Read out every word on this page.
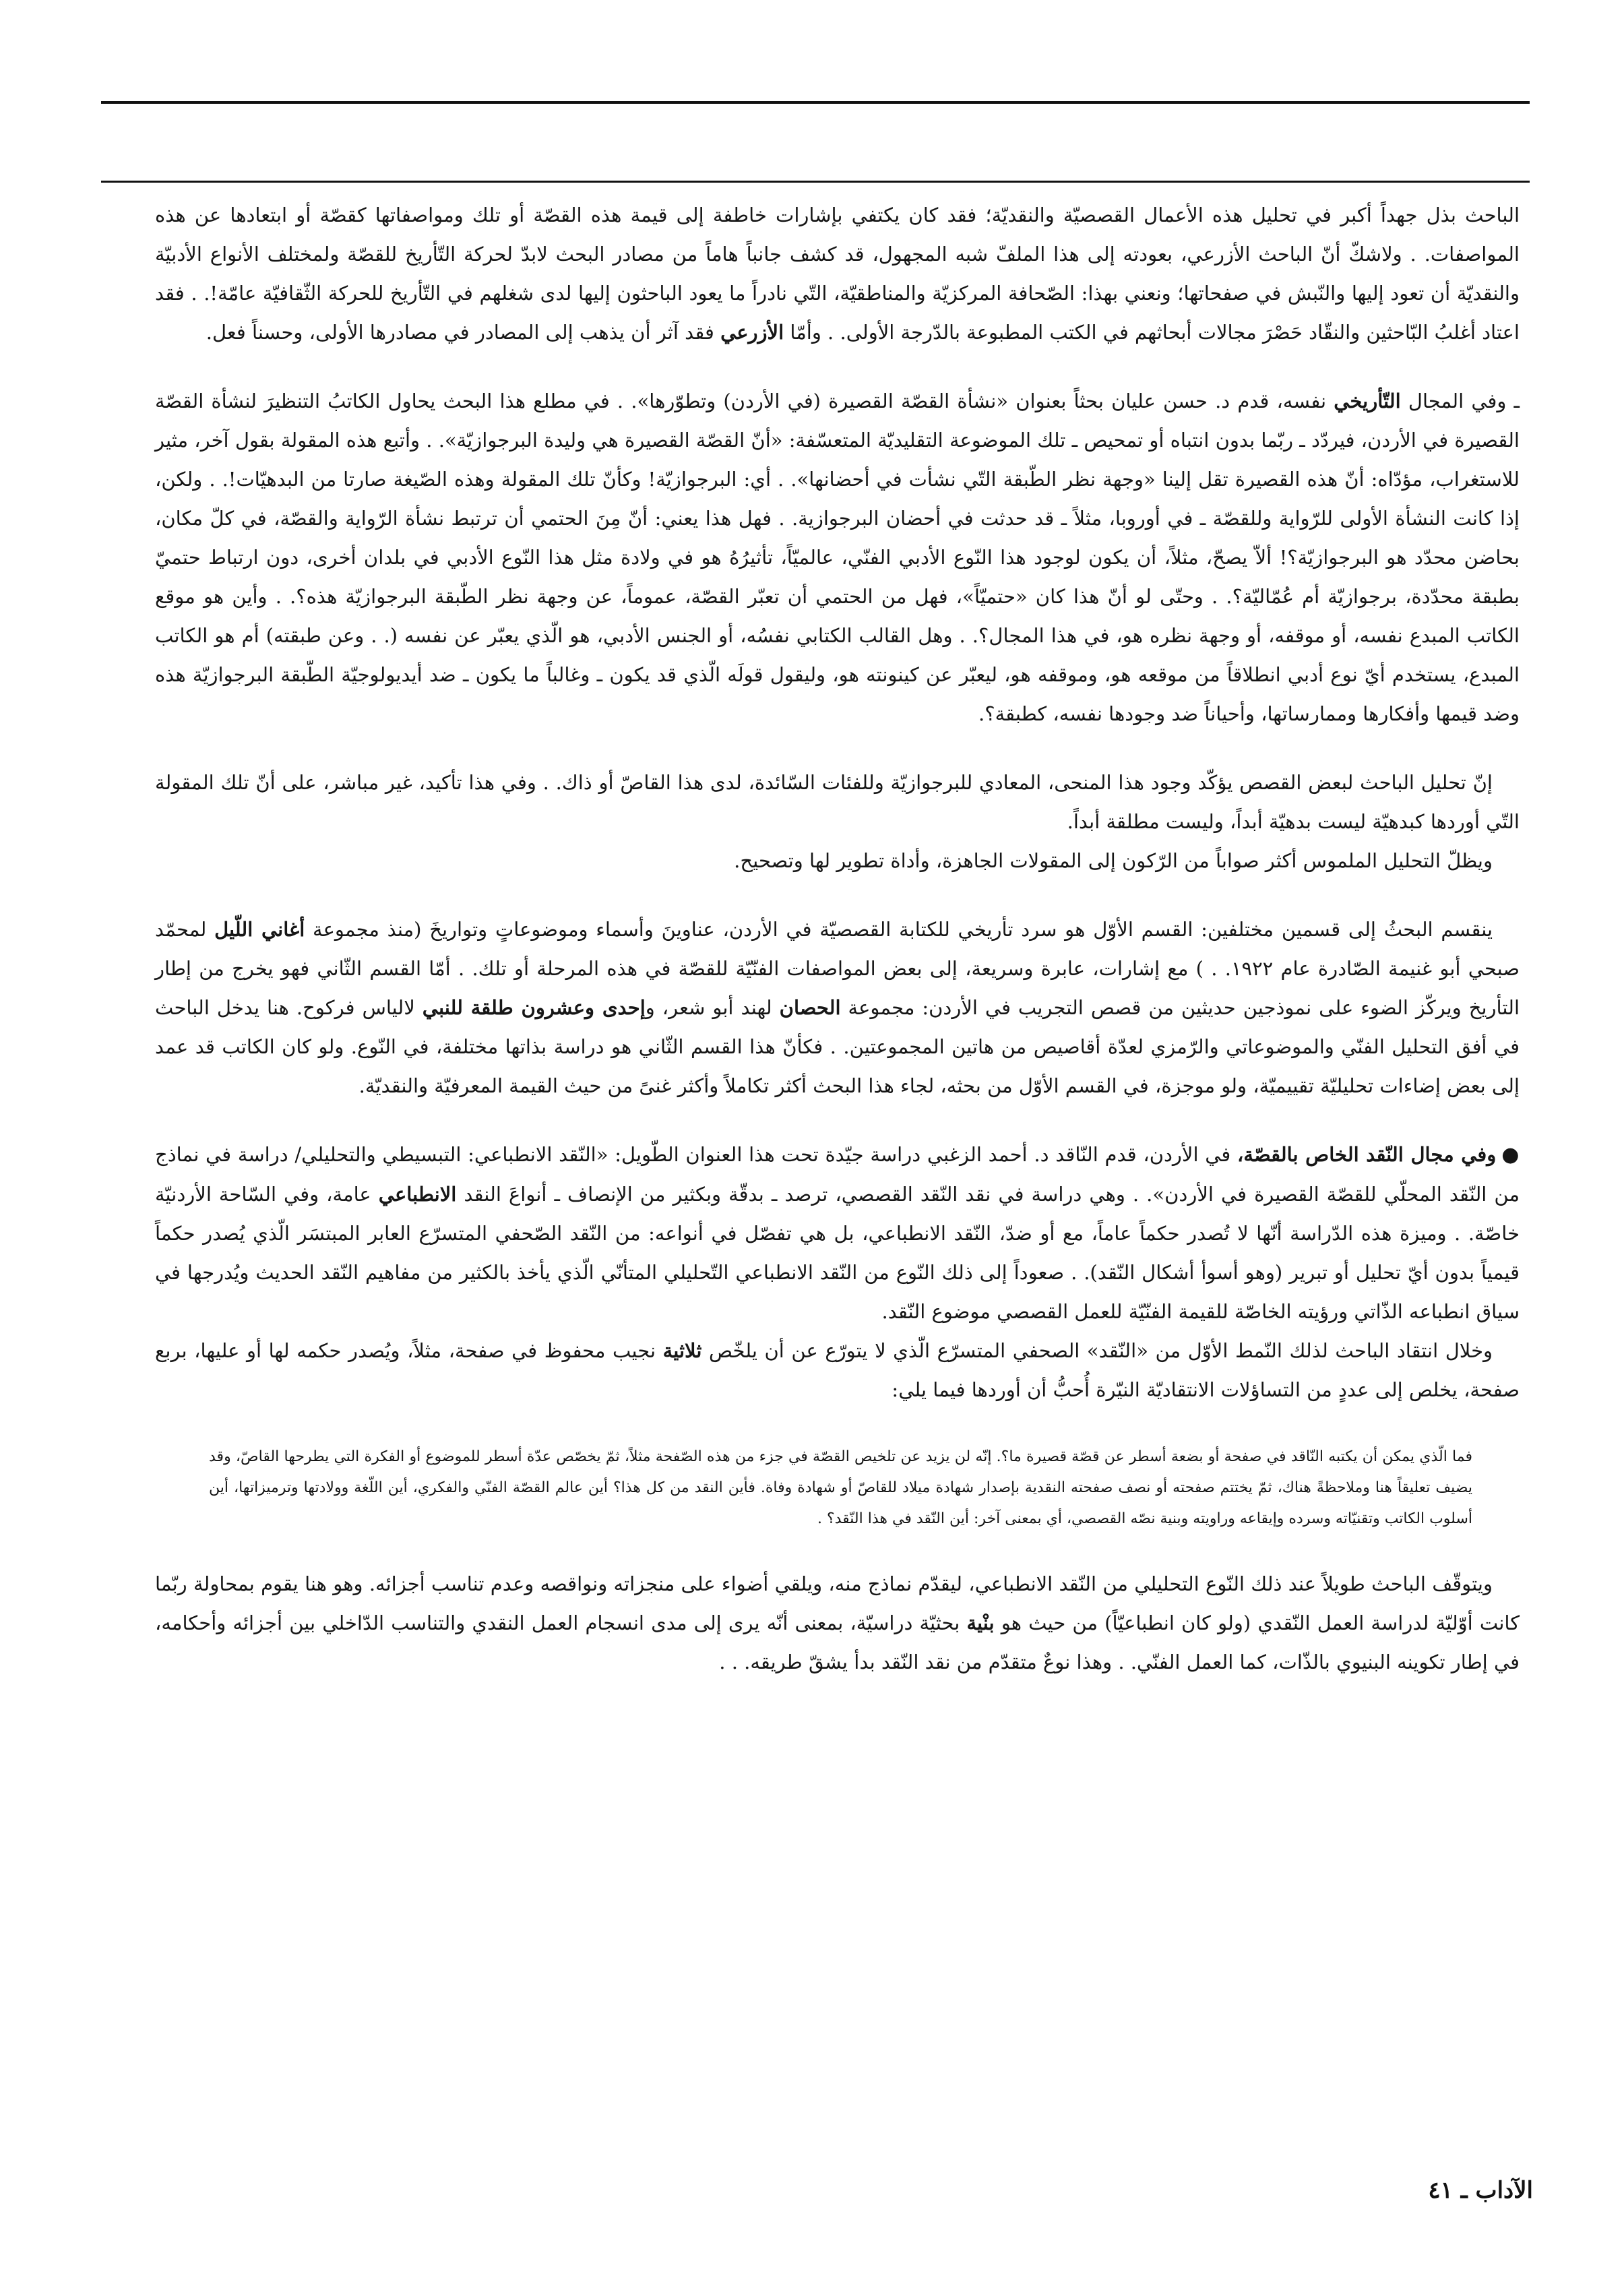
الباحث بذل جهداً أكبر في تحليل هذه الأعمال القصصيّة والنقديّة؛ فقد كان يكتفي بإشارات خاطفة إلى قيمة هذه القصّة أو تلك ومواصفاتها كقصّة أو ابتعادها عن هذه المواصفات. . ولاشكّ أنّ الباحث الأزرعي، بعودته إلى هذا الملفّ شبه المجهول، قد كشف جانباً هاماً من مصادر البحث لابدّ لحركة التّأريخ للقصّة ولمختلف الأنواع الأدبيّة والنقديّة أن تعود إليها والنّبش في صفحاتها؛ ونعني بهذا: الصّحافة المركزيّة والمناطقيّة، التّي نادراً ما يعود الباحثون إليها لدى شغلهم في التّأريخ للحركة الثّقافيّة عامّة!. . فقد اعتاد أغلبُ البّاحثين والنقّاد حَصْرَ مجالات أبحاثهم في الكتب المطبوعة بالدّرجة الأولى. . وأمّا الأزرعي فقد آثر أن يذهب إلى المصادر في مصادرها الأولى، وحسناً فعل.

ـ وفي المجال التّأريخي نفسه، قدم د. حسن عليان بحثاً بعنوان «نشأة القصّة القصيرة (في الأردن) وتطوّرها». . في مطلع هذا البحث يحاول الكاتبُ التنظيرَ لنشأة القصّة القصيرة في الأردن، فيردّد ـ ربّما بدون انتباه أو تمحيص ـ تلك الموضوعة التقليديّة المتعسّفة: «أنّ القصّة القصيرة هي وليدة البرجوازيّة». . وأتبع هذه المقولة بقول آخر، مثير للاستغراب، مؤدّاه: أنّ هذه القصيرة تقل إلينا «وجهة نظر الطّبقة التّي نشأت في أحضانها». . أي: البرجوازيّة! وكأنّ تلك المقولة وهذه الصّيغة صارتا من البدهيّات!. . ولكن، إذا كانت النشأة الأولى للرّواية وللقصّة ـ في أوروبا، مثلاً ـ قد حدثت في أحضان البرجوازية. . فهل هذا يعني: أنّ مِنَ الحتمي أن ترتبط نشأة الرّواية والقصّة، في كلّ مكان، بحاضن محدّد هو البرجوازيّة؟! ألاّ يصحّ، مثلاً، أن يكون لوجود هذا النّوع الأدبي الفنّي، عالميّاً، تأثيرُهُ هو في ولادة مثل هذا النّوع الأدبي في بلدان أخرى، دون ارتباط حتميّ بطبقة محدّدة، برجوازيّة أم عُمّاليّة؟. . وحتّى لو أنّ هذا كان «حتميّاً»، فهل من الحتمي أن تعبّر القصّة، عموماً، عن وجهة نظر الطّبقة البرجوازيّة هذه؟. . وأين هو موقع الكاتب المبدع نفسه، أو موقفه، أو وجهة نظره هو، في هذا المجال؟. . وهل القالب الكتابي نفسُه، أو الجنس الأدبي، هو الّذي يعبّر عن نفسه (. . وعن طبقته) أم هو الكاتب المبدع، يستخدم أيّ نوع أدبي انطلاقاً من موقعه هو، وموقفه هو، ليعبّر عن كينونته هو، وليقول قولَه الّذي قد يكون ـ وغالباً ما يكون ـ ضد أيديولوجيّة الطّبقة البرجوازيّة هذه وضد قيمها وأفكارها وممارساتها، وأحياناً ضد وجودها نفسه، كطبقة؟.

إنّ تحليل الباحث لبعض القصص يؤكّد وجود هذا المنحى، المعادي للبرجوازيّة وللفئات السّائدة، لدى هذا القاصّ أو ذاك. . وفي هذا تأكيد، غير مباشر، على أنّ تلك المقولة التّي أوردها كبدهيّة ليست بدهيّة أبداً، وليست مطلقة أبداً.

ويظلّ التحليل الملموس أكثر صواباً من الرّكون إلى المقولات الجاهزة، وأداة تطوير لها وتصحيح.

ينقسم البحثُ إلى قسمين مختلفين: القسم الأوّل هو سرد تأريخي للكتابة القصصيّة في الأردن، عناوينَ وأسماء وموضوعاتٍ وتواريخَ (منذ مجموعة أغاني اللّيل لمحمّد صبحي أبو غنيمة الصّادرة عام ١٩٢٢. . ) مع إشارات، عابرة وسريعة، إلى بعض المواصفات الفنّيّة للقصّة في هذه المرحلة أو تلك. . أمّا القسم الثّاني فهو يخرج من إطار التأريخ ويركّز الضوء على نموذجين حديثين من قصص التجريب في الأردن: مجموعة الحصان لهند أبو شعر، وإحدى وعشرون طلقة للنبي لالياس فركوح. هنا يدخل الباحث في أفق التحليل الفنّي والموضوعاتي والرّمزي لعدّة أقاصيص من هاتين المجموعتين. . فكأنّ هذا القسم الثّاني هو دراسة بذاتها مختلفة، في النّوع. ولو كان الكاتب قد عمد إلى بعض إضاءات تحليليّة تقييميّة، ولو موجزة، في القسم الأوّل من بحثه، لجاء هذا البحث أكثر تكاملاً وأكثر غنىً من حيث القيمة المعرفيّة والنقديّة.

●وفي مجال النّقد الخاص بالقصّة، في الأردن، قدم النّاقد د. أحمد الزغبي دراسة جيّدة تحت هذا العنوان الطّويل: «النّقد الانطباعي: التبسيطي والتحليلي/ دراسة في نماذج من النّقد المحلّي للقصّة القصيرة في الأردن». . وهي دراسة في نقد النّقد القصصي، ترصد ـ بدقّة وبكثير من الإنصاف ـ أنواعَ النقد الانطباعي عامة، وفي السّاحة الأردنيّة خاصّة. . وميزة هذه الدّراسة أنّها لا تُصدر حكماً عاماً، مع أو ضدّ، النّقد الانطباعي، بل هي تفصّل في أنواعه: من النّقد الصّحفي المتسرّع العابر المبتسَر الّذي يُصدر حكماً قيمياً بدون أيّ تحليل أو تبرير (وهو أسوأ أشكال النّقد). . صعوداً إلى ذلك النّوع من النّقد الانطباعي التّحليلي المتأنّي الّذي يأخذ بالكثير من مفاهيم النّقد الحديث ويُدرجها في سياق انطباعه الذّاتي ورؤيته الخاصّة للقيمة الفنّيّة للعمل القصصي موضوع النّقد.

وخلال انتقاد الباحث لذلك النّمط الأوّل من «النّقد» الصحفي المتسرّع الّذي لا يتورّع عن أن يلخّص ثلاثية نجيب محفوظ في صفحة، مثلاً، ويُصدر حكمه لها أو عليها، بربع صفحة، يخلص إلى عددٍ من التساؤلات الانتقاديّة النيّرة أُحبُّ أن أوردها فيما يلي:

فما الّذي يمكن أن يكتبه النّاقد في صفحة أو بضعة أسطر عن قصّة قصيرة ما؟. إنّه لن يزيد عن تلخيص القصّة في جزء من هذه الصّفحة مثلاً، ثمّ يخصّص عدّة أسطر للموضوع أو الفكرة التي يطرحها القاصّ، وقد يضيف تعليقاً هنا وملاحظةً هناك، ثمّ يختتم صفحته أو نصف صفحته النقدية بإصدار شهادة ميلاد للقاصّ أو شهادة وفاة. فأين النقد من كل هذا؟ أين عالم القصّة الفنّي والفكري، أين اللّغة وولادتها وترميزاتها، أين أسلوب الكاتب وتقنيّاته وسرده وإيقاعه وراويته وبنية نصّه القصصي، أي بمعنى آخر: أين النّقد في هذا النّقد؟ .

ويتوقّف الباحث طويلاً عند ذلك النّوع التحليلي من النّقد الانطباعي، ليقدّم نماذج منه، ويلقي أضواء على منجزاته ونواقصه وعدم تناسب أجزائه. وهو هنا يقوم بمحاولة ربّما كانت أوّليّة لدراسة العمل النّقدي (ولو كان انطباعيّاً) من حيث هو بنْية بحثيّة دراسيّة، بمعنى أنّه يرى إلى مدى انسجام العمل النقدي والتناسب الدّاخلي بين أجزائه وأحكامه، في إطار تكوينه البنيوي بالذّات، كما العمل الفنّي. . وهذا نوعٌ متقدّم من نقد النّقد بدأ يشقّ طريقه. . .

الآداب ـ ٤١
